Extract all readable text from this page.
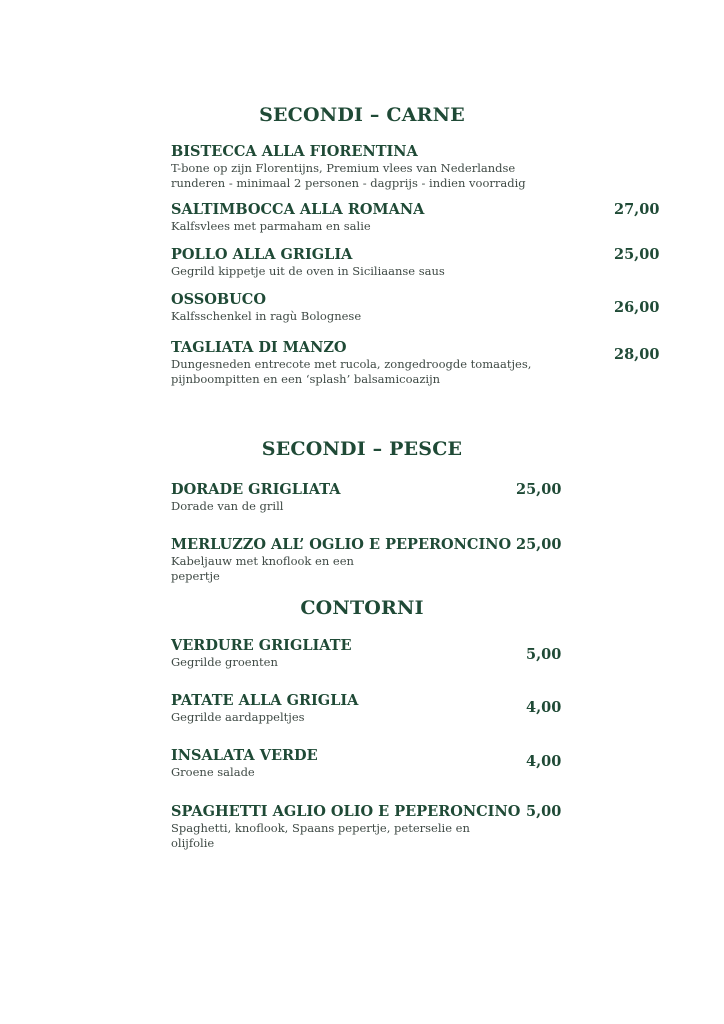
SECONDI – CARNE
BISTECCA ALLA FIORENTINA
T-bone op zijn Florentijns, Premium vlees van Nederlandse runderen - minimaal 2 personen - dagprijs - indien voorradig
SALTIMBOCCA ALLA ROMANA
Kalfsvlees met parmaham en salie
27,00
POLLO ALLA GRIGLIA
Gegrild kippetje uit de oven in Siciliaanse saus
25,00
OSSOBUCO
Kalfsschenkel in ragù Bolognese	26,00
TAGLIATA DI MANZO
Dungesneden entrecote met rucola, zongedroogde tomaatjes, pijnboompitten en een ‘splash’ balsamicoazijn
28,00
SECONDI – PESCE
DORADE GRIGLIATA
Dorade van de grill
25,00
MERLUZZO ALL’ OGLIO E PEPERONCINO
Kabeljauw met knoflook en een pepertje
25,00
CONTORNI
VERDURE GRIGLIATE
Gegrilde groenten	5,00
PATATE ALLA GRIGLIA
Gegrilde aardappeltjes
4,00
INSALATA VERDE
Groene salade
4,00
SPAGHETTI AGLIO OLIO E PEPERONCINO
Spaghetti, knoflook, Spaans pepertje, peterselie en olijfolie
5,00
